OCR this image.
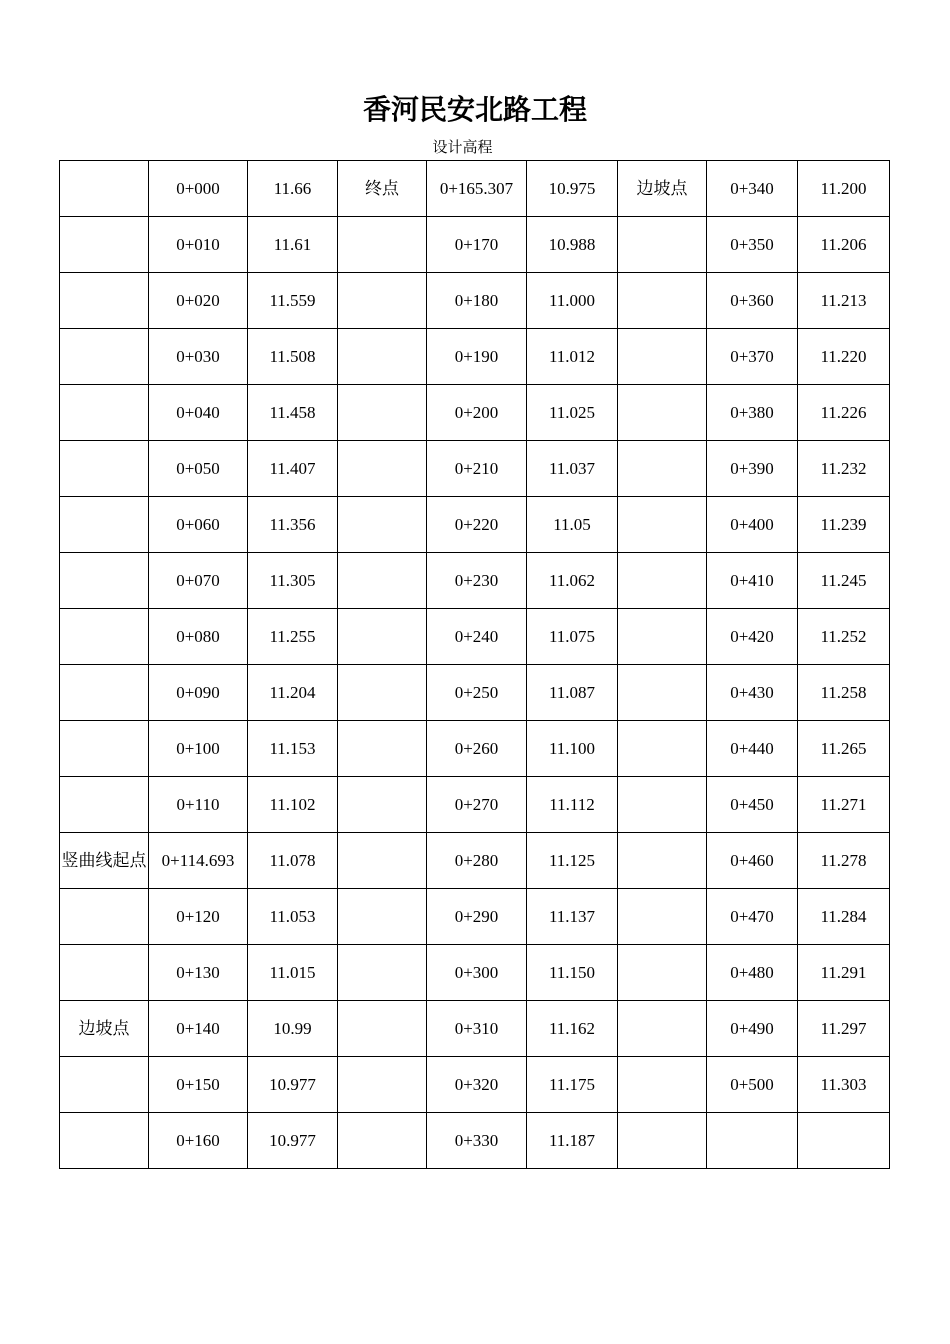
香河民安北路工程
设计高程
	0+000	11.66	终点	0+165.307	10.975	边坡点	0+340	11.200
	0+010	11.61		0+170	10.988		0+350	11.206
	0+020	11.559		0+180	11.000		0+360	11.213
	0+030	11.508		0+190	11.012		0+370	11.220
	0+040	11.458		0+200	11.025		0+380	11.226
	0+050	11.407		0+210	11.037		0+390	11.232
	0+060	11.356		0+220	11.05		0+400	11.239
	0+070	11.305		0+230	11.062		0+410	11.245
	0+080	11.255		0+240	11.075		0+420	11.252
	0+090	11.204		0+250	11.087		0+430	11.258
	0+100	11.153		0+260	11.100		0+440	11.265
	0+110	11.102		0+270	11.112		0+450	11.271
竖曲线起点	0+114.693	11.078		0+280	11.125		0+460	11.278
	0+120	11.053		0+290	11.137		0+470	11.284
	0+130	11.015		0+300	11.150		0+480	11.291
边坡点	0+140	10.99		0+310	11.162		0+490	11.297
	0+150	10.977		0+320	11.175		0+500	11.303
	0+160	10.977		0+330	11.187			
